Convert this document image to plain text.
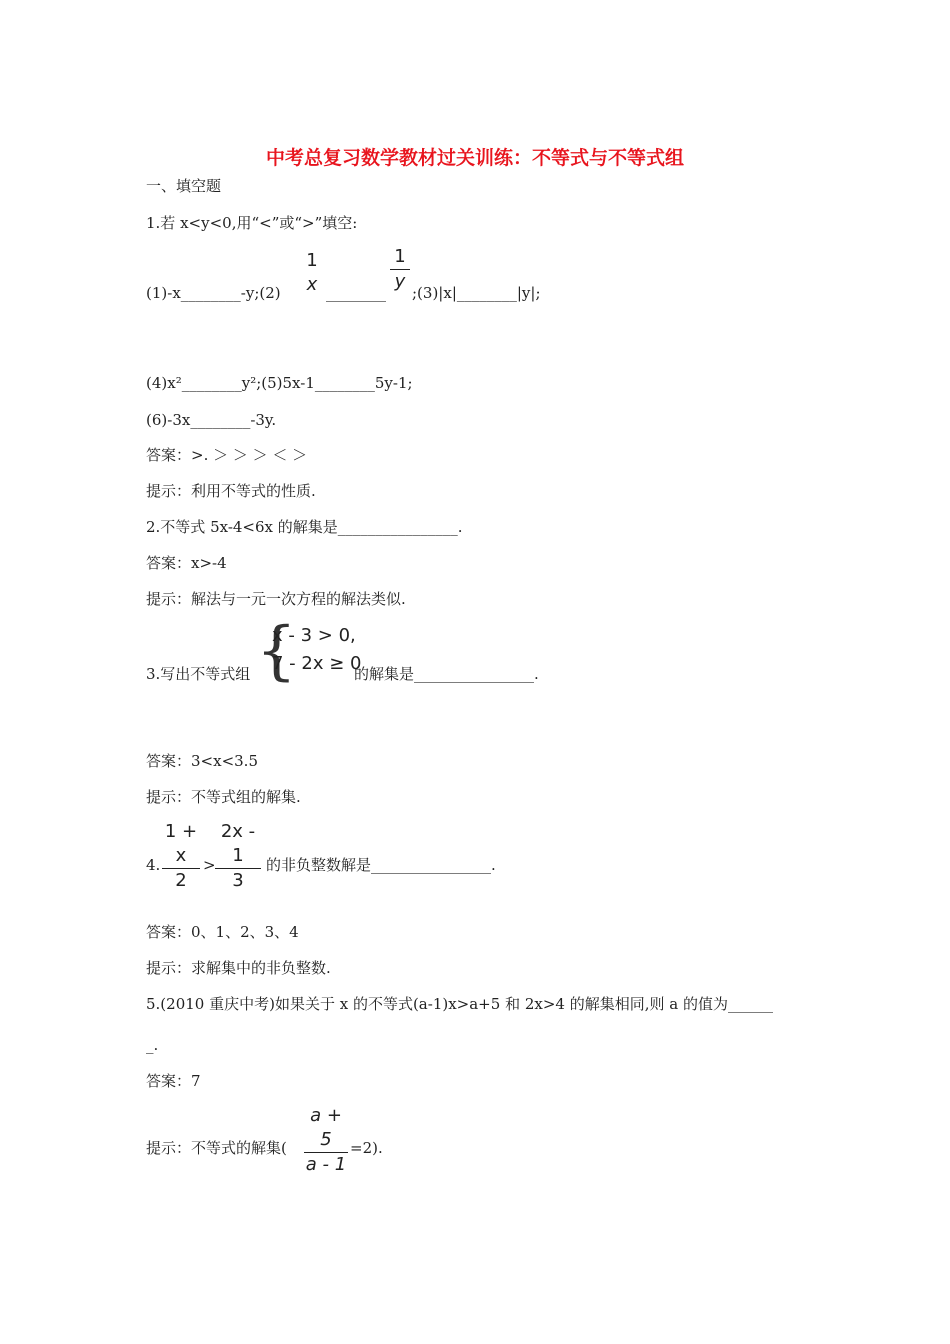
中考总复习数学教材过关训练：不等式与不等式组
一、填空题
1.若 x<y<0,用“<”或“>”填空:
(1)-x________-y;(2)
1
x ________
1
y
;(3)|x|________|y|;
(4)x²________y²;(5)5x-1________5y-1;
(6)-3x________-3y.
答案：>. ＞ ＞ ＞ ＜ ＞
提示：利用不等式的性质.
2.不等式 5x-4<6x 的解集是________________.
答案：x>-4
提示：解法与一元一次方程的解法类似.
3.写出不等式组 {
x - 3 > 0,
7 - 2x ≥ 0
的解集是________________.
答案：3<x<3.5
提示：不等式组的解集.
4.
1 + x
2
>
2x - 1
3
的非负整数解是________________.
答案：0、1、2、3、4
提示：求解集中的非负整数.
5.(2010 重庆中考)如果关于 x 的不等式(a-1)x>a+5 和 2x>4 的解集相同,则 a 的值为______
_.
答案：7
提示：不等式的解集(
a + 5
a - 1
=2).
